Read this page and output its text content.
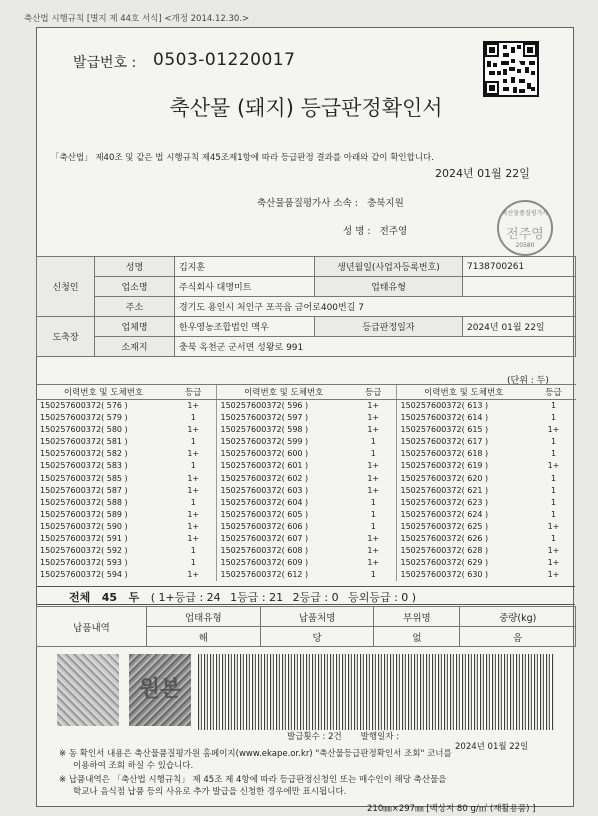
축산법 시행규칙 [별지 제 44호 서식] <개정 2014.12.30.>
발급번호 : 0503-01220017
축산물 (돼지) 등급판정확인서
「축산법」 제40조 및 같은 법 시행규칙 제45조제1항에 따라 등급판정 결과를 아래와 같이 확인합니다.
2024년 01월 22일
축산물품질평가사 소속 : 충북지원
성 명 : 전주영
축산물품질평가사
전주영
20580
신청인	성명	김지훈	생년월일(사업자등록번호)	7138700261
	업소명	주식회사 대명미트	업태유형	
	주소	경기도 용인시 처인구 포곡읍 금어로400번길 7		
도축장	업체명	한우영농조합법인 맥우	등급판정일자	2024년 01월 22일
	소재지	충북 옥천군 군서면 성왕로 991		
(단위 : 두)
이력번호 및 도체번호	등급	이력번호 및 도체번호	등급	이력번호 및 도체번호	등급
150257600372( 576 )	1+	150257600372( 596 )	1+	150257600372( 613 )	1
150257600372( 579 )	1	150257600372( 597 )	1+	150257600372( 614 )	1
150257600372( 580 )	1+	150257600372( 598 )	1+	150257600372( 615 )	1+
150257600372( 581 )	1	150257600372( 599 )	1	150257600372( 617 )	1
150257600372( 582 )	1+	150257600372( 600 )	1	150257600372( 618 )	1
150257600372( 583 )	1	150257600372( 601 )	1+	150257600372( 619 )	1+
150257600372( 585 )	1+	150257600372( 602 )	1+	150257600372( 620 )	1
150257600372( 587 )	1+	150257600372( 603 )	1+	150257600372( 621 )	1
150257600372( 588 )	1	150257600372( 604 )	1	150257600372( 623 )	1
150257600372( 589 )	1+	150257600372( 605 )	1	150257600372( 624 )	1
150257600372( 590 )	1+	150257600372( 606 )	1	150257600372( 625 )	1+
150257600372( 591 )	1+	150257600372( 607 )	1+	150257600372( 626 )	1
150257600372( 592 )	1	150257600372( 608 )	1+	150257600372( 628 )	1+
150257600372( 593 )	1	150257600372( 609 )	1+	150257600372( 629 )	1+
150257600372( 594 )	1+	150257600372( 612 )	1	150257600372( 630 )	1+
전체 45 두 ( 1+등급 : 24 1등급 : 21 2등급 : 0 등외등급 : 0 )
납품내역	업태유형	납품처명	부위명	중량(kg)
	해	당	없	음
원본
발급횟수 : 2건 발행일자 :
2024년 01월 22일
※ 동 확인서 내용은 축산물품질평가원 홈페이지(www.ekape.or.kr) "축산물등급판정확인서 조회" 코너를
이용하여 조회 하실 수 있습니다.
※ 납품내역은 「축산법 시행규칙」 제 45조 제 4항에 따라 등급판정신청인 또는 매수인이 해당 축산물을
학교나 음식점 납품 등의 사유로 추가 발급을 신청한 경우에만 표시됩니다.
210㎜×297㎜ [백상지 80 g/㎡ (재활용품) ]
